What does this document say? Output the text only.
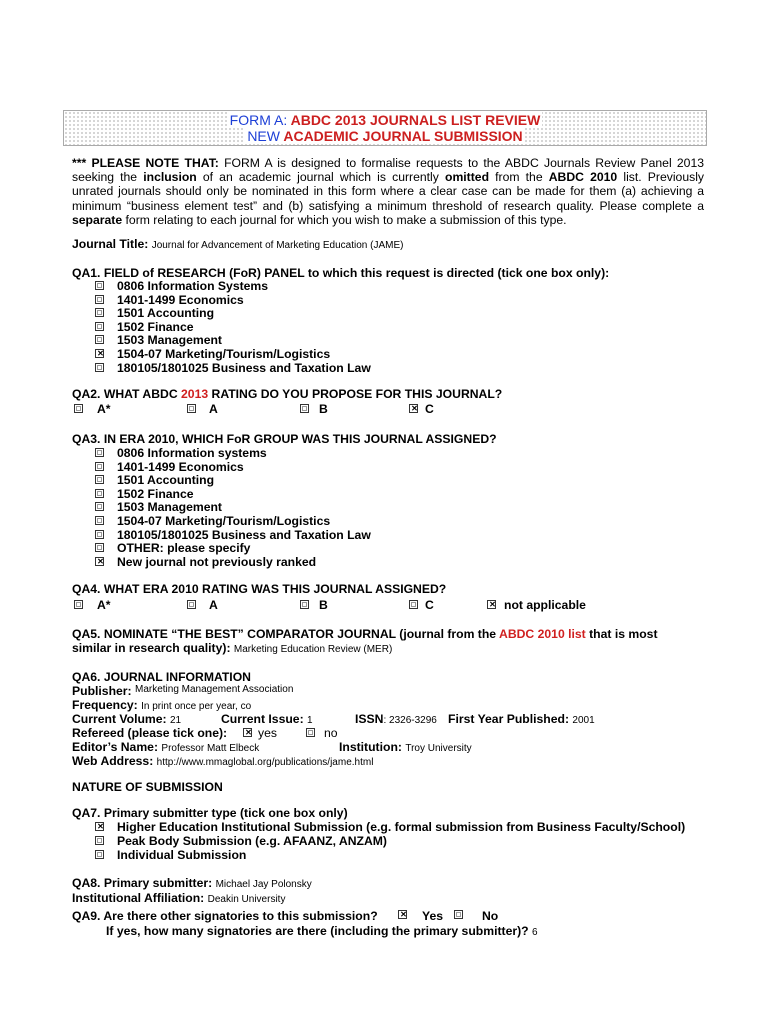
FORM A: ABDC 2013 JOURNALS LIST REVIEW
NEW ACADEMIC JOURNAL SUBMISSION
*** PLEASE NOTE THAT: FORM A is designed to formalise requests to the ABDC Journals Review Panel 2013 seeking the inclusion of an academic journal which is currently omitted from the ABDC 2010 list. Previously unrated journals should only be nominated in this form where a clear case can be made for them (a) achieving a minimum “business element test” and (b) satisfying a minimum threshold of research quality. Please complete a separate form relating to each journal for which you wish to make a submission of this type.
Journal Title: Journal for Advancement of Marketing Education (JAME)
QA1. FIELD of RESEARCH (FoR) PANEL to which this request is directed (tick one box only):
0806 Information Systems
1401-1499 Economics
1501 Accounting
1502 Finance
1503 Management
✕
1504-07 Marketing/Tourism/Logistics
180105/1801025 Business and Taxation Law
QA2. WHAT ABDC 2013 RATING DO YOU PROPOSE FOR THIS JOURNAL?
A*	A	B ✕	C
QA3. IN ERA 2010, WHICH FoR GROUP WAS THIS JOURNAL ASSIGNED?
0806 Information systems
1401-1499 Economics
1501 Accounting
1502 Finance
1503 Management
1504-07 Marketing/Tourism/Logistics
180105/1801025 Business and Taxation Law
OTHER: please specify
✕
New journal not previously ranked
QA4. WHAT ERA 2010 RATING WAS THIS JOURNAL ASSIGNED?
A*	A	B	C ✕	not applicable
QA5. NOMINATE “THE BEST” COMPARATOR JOURNAL (journal from the ABDC 2010 list that is most
similar in research quality): Marketing Education Review (MER)
QA6. JOURNAL INFORMATION
Publisher: $^{Marketing Management Association}$
Frequency: In print once per year, co
Current Volume: 21	Current Issue: 1	ISSN: 2326-3296 First Year Published: 2001
Refereed (please tick one): ✕	yes	no
Editor’s Name: Professor Matt Elbeck	Institution: Troy University
Web Address: http://www.mmaglobal.org/publications/jame.html
NATURE OF SUBMISSION
QA7. Primary submitter type (tick one box only)
✕
Higher Education Institutional Submission (e.g. formal submission from Business Faculty/School)
Peak Body Submission (e.g. AFAANZ, ANZAM)
Individual Submission
QA8. Primary submitter: Michael Jay Polonsky
Institutional Affiliation: Deakin University
QA9. Are there other signatories to this submission? ✕	Yes	No
If yes, how many signatories are there (including the primary submitter)? 6
